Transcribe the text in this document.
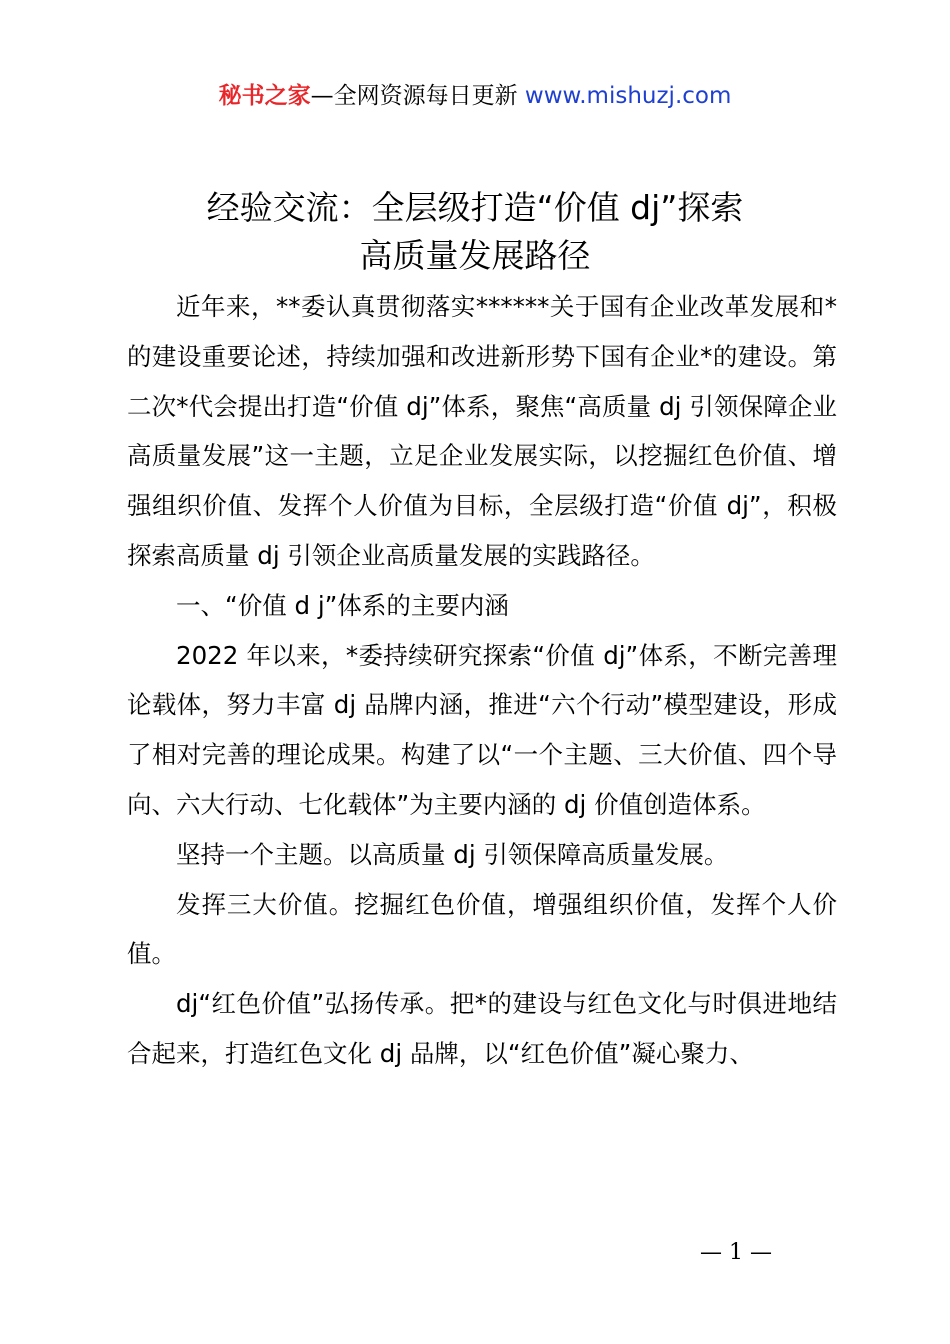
秘书之家—全网资源每日更新 www.mishuzj.com
经验交流：全层级打造“价值 dj”探索
高质量发展路径

近年来，**委认真贯彻落实******关于国有企业改革发展和*的建设重要论述，持续加强和改进新形势下国有企业*的建设。第二次*代会提出打造“价值 dj”体系，聚焦“高质量 dj 引领保障企业高质量发展”这一主题，立足企业发展实际，以挖掘红色价值、增强组织价值、发挥个人价值为目标，全层级打造“价值 dj”，积极探索高质量 dj 引领企业高质量发展的实践路径。

一、“价值 d j”体系的主要内涵

2022 年以来，*委持续研究探索“价值 dj”体系，不断完善理论载体，努力丰富 dj 品牌内涵，推进“六个行动”模型建设，形成了相对完善的理论成果。构建了以“一个主题、三大价值、四个导向、六大行动、七化载体”为主要内涵的 dj 价值创造体系。

坚持一个主题。以高质量 dj 引领保障高质量发展。

发挥三大价值。挖掘红色价值，增强组织价值，发挥个人价值。

dj“红色价值”弘扬传承。把*的建设与红色文化与时俱进地结合起来，打造红色文化 dj 品牌，以“红色价值”凝心聚力、

— 1 —
